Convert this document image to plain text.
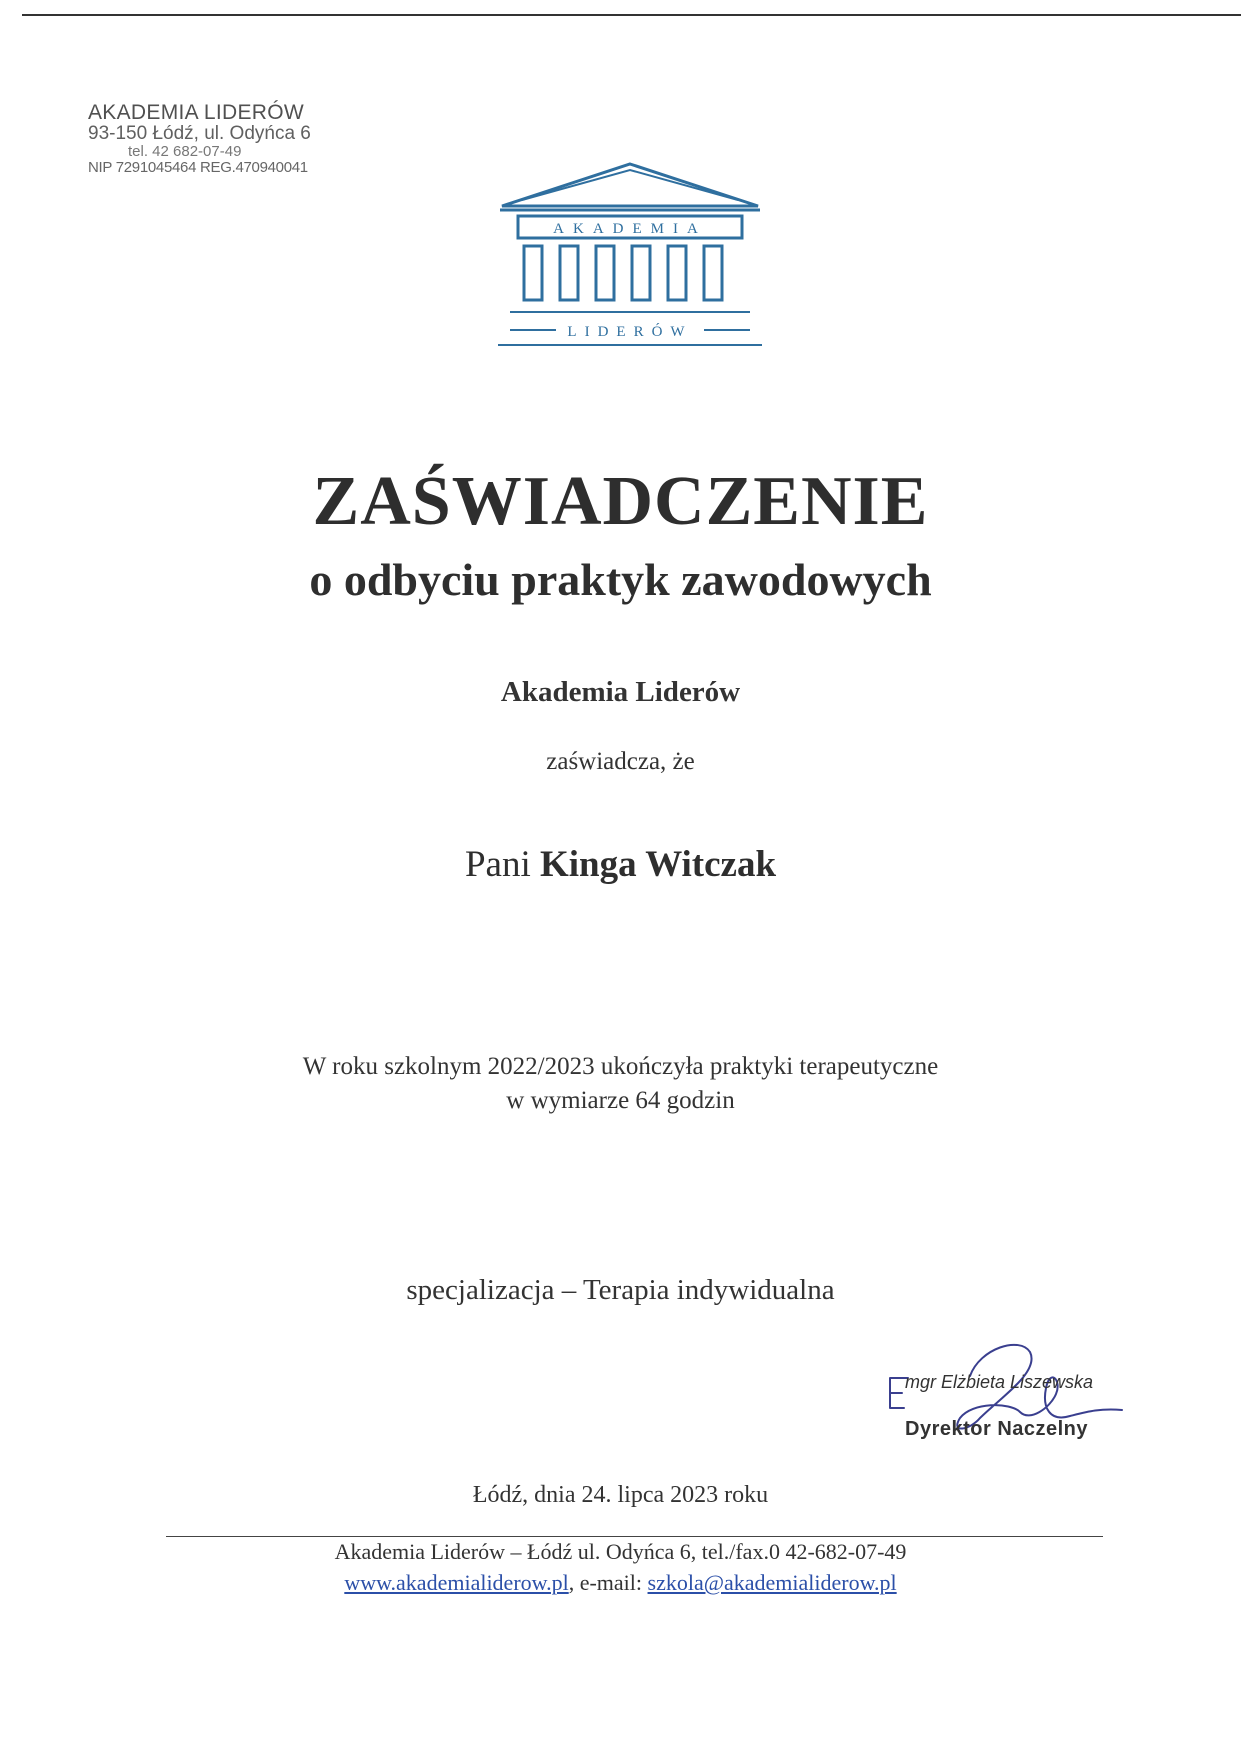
AKADEMIA LIDERÓW
93-150 Łódź, ul. Odyńca 6
tel. 42 682-07-49
NIP 7291045464 REG.470940041
AKADEMIA
LIDERÓW
ZAŚWIADCZENIE
o odbyciu praktyk zawodowych
Akademia Liderów
zaświadcza, że
Pani Kinga Witczak
W roku szkolnym 2022/2023 ukończyła praktyki terapeutyczne
w wymiarze 64 godzin
specjalizacja – Terapia indywidualna
mgr Elżbieta Liszewska
Dyrektor Naczelny
Łódź, dnia 24. lipca 2023 roku
Akademia Liderów – Łódź ul. Odyńca 6, tel./fax.0 42-682-07-49
www.akademialiderow.pl, e-mail: szkola@akademialiderow.pl
